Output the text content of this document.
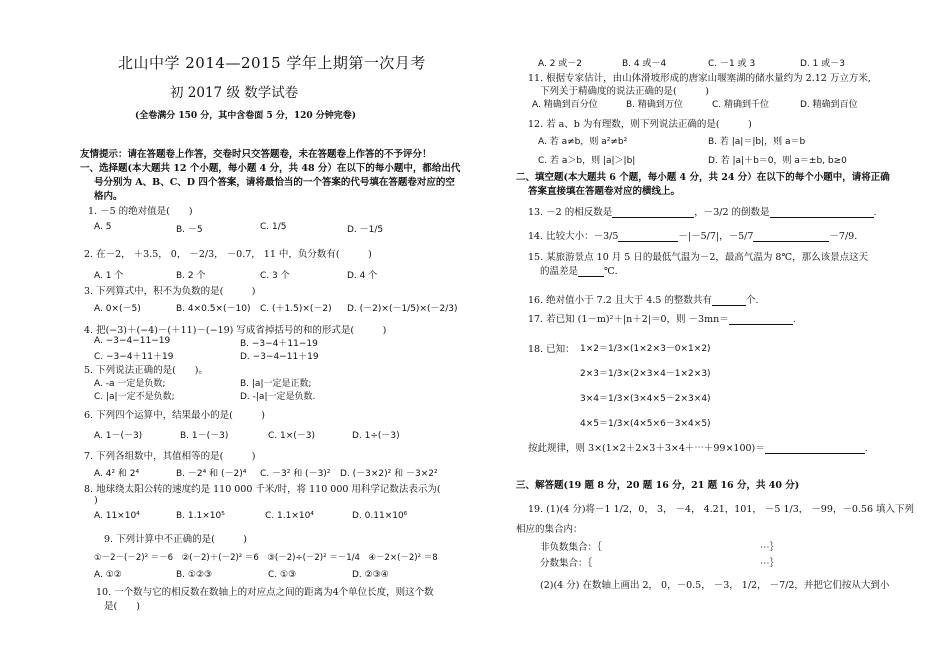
北山中学 2014—2015 学年上期第一次月考
初 2017 级 数学试卷
(全卷满分 150 分，其中含卷面 5 分，120 分钟完卷)
友情提示：请在答题卷上作答，交卷时只交答题卷，未在答题卷上作答的不予评分！
一、选择题(本大题共 12 个小题，每小题 4 分，共 48 分）在以下的每小题中，都给出代
号分别为 A、B、C、D 四个答案，请将最恰当的一个答案的代号填在答题卷对应的空
格内。
1. －5 的绝对值是(　　)
A. 5	B. －5	C. 1/5	D. －1/5
2. 在－2， ＋3.5， 0， －2/3， －0.7， 11 中，负分数有(　　　)
A. 1 个	B. 2 个	C. 3 个	D. 4 个
3. 下列算式中，积不为负数的是(　　　)
A. 0×(－5)	B. 4×0.5×(－10) C. (＋1.5)×(－2) D. (－2)×(－1/5)×(－2/3)
4. 把(−3)＋(−4)－(＋11)－(−19) 写成省掉括号的和的形式是(　　　)
A. −3−4−11−19	B. −3−4＋11−19
C. −3−4＋11＋19	D. −3−4−11＋19
5. 下列说法正确的是(　　)。
A. -a 一定是负数;	B. |a|一定是正数;
C. |a|一定不是负数;	D. -|a|一定是负数.
6. 下列四个运算中，结果最小的是(　　　)
A. 1－(－3)	B. 1－(－3)	C. 1×(－3)	D. 1÷(－3)
7. 下列各组数中，其值相等的是(　　　)
A. 4² 和 2⁴	B. －2⁴ 和 (－2)⁴ C. －3² 和 (－3)² D. (－3×2)² 和 －3×2²
8. 地球绕太阳公转的速度约是 110 000 千米/时，将 110 000 用科学记数法表示为(
)
A. 11×10⁴	B. 1.1×10⁵	C. 1.1×10⁴	D. 0.11×10⁶
9. 下列计算中不正确的是(　　　)
①－2－(－2)² ＝－6　②(－2)＋(－2)² ＝6　③(－2)÷(－2)² ＝－1/4　④－2×(－2)² ＝8
A. ①②	B. ①②③	C. ①③	D. ②③④
10. 一个数与它的相反数在数轴上的对应点之间的距离为4个单位长度，则这个数
是(　　)
A. 2 或－2	B. 4 或－4	C. －1 或 3	D. 1 或－3
11. 根据专家估计，由山体滑坡形成的唐家山堰塞湖的储水量约为 2.12 万立方米,
下列关于精确度的说法正确的是(　　　)
A. 精确到百分位	B. 精确到万位	C. 精确到千位	D. 精确到百位
12. 若 a、b 为有理数，则下列说法正确的是(　　　)
A. 若 a≠b，则 a²≠b²	B. 若 |a|＝|b|，则 a＝b
C. 若 a＞b，则 |a|＞|b|	D. 若 |a|＋b＝0，则 a＝±b, b≥0
二、填空题(本大题共 6 个题，每小题 4 分，共 24 分）在以下的每个小题中，请将正确
答案直接填在答题卷对应的横线上。
13. －2 的相反数是	，－3/2 的倒数是	.
14. 比较大小：－3/5	－|－5/7|，－5/7	－7/9.
15. 某旅游景点 10 月 5 日的最低气温为－2，最高气温为 8℃，那么该景点这天
的温差是	℃.
16. 绝对值小于 7.2 且大于 4.5 的整数共有	个.
17. 若已知 (1－m)²＋|n＋2|＝0，则 －3mn＝	.
18. 已知： 1×2＝1/3×(1×2×3－0×1×2)
2×3＝1/3×(2×3×4－1×2×3)
3×4＝1/3×(3×4×5－2×3×4)
4×5＝1/3×(4×5×6－3×4×5)
按此规律，则 3×(1×2＋2×3＋3×4＋⋯＋99×100)＝	.
三、解答题(19 题 8 分，20 题 16 分，21 题 16 分，共 40 分)
19. (1)(4 分)将－1 1/2，0， 3， －4， 4.21，101， －5 1/3， －99，－0.56 填入下列
相应的集合内：
非负数集合：｛	⋯｝
分数集合：｛	⋯｝
(2)(4 分) 在数轴上画出 2， 0，－0.5， －3， 1/2， －7/2，并把它们按从大到小
